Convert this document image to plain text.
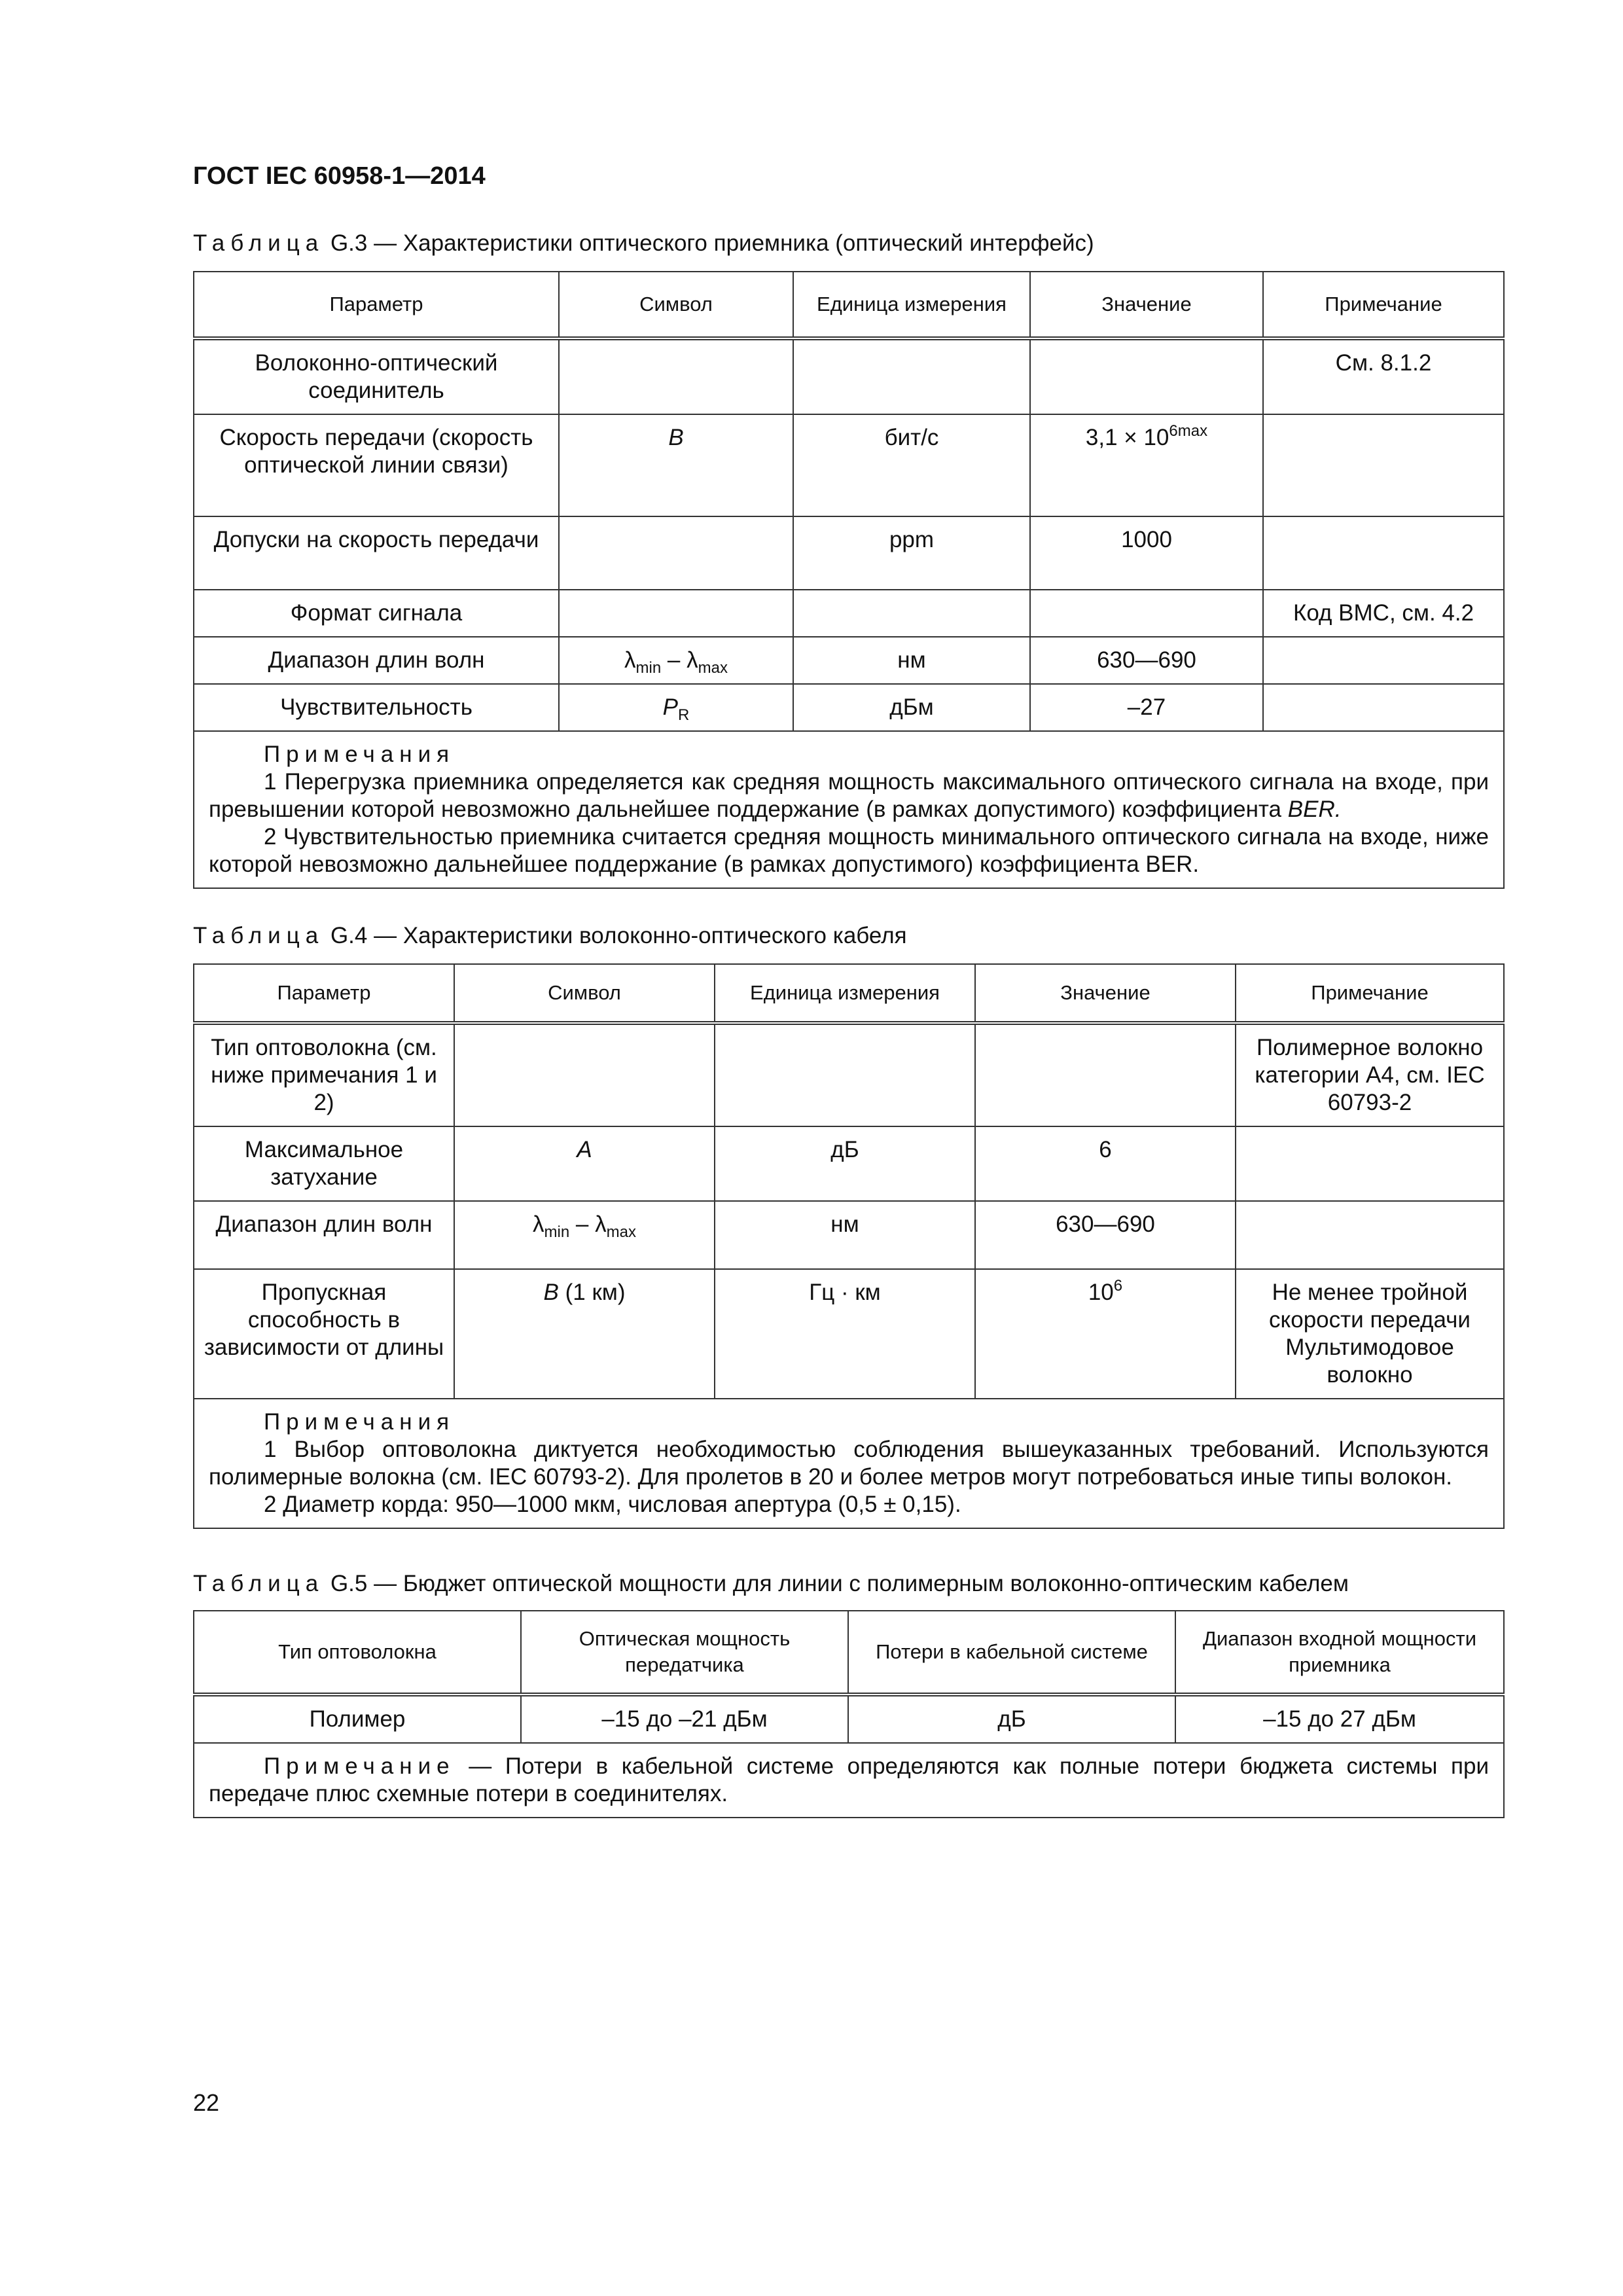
ГОСТ IEC 60958-1—2014
Таблица G.3 — Характеристики оптического приемника (оптический интерфейс)
Параметр	Символ	Единица измерения	Значение	Примечание
Волоконно-оптический соединитель				См. 8.1.2
Скорость передачи (скорость оптической линии связи)	B	бит/с	$3,1 \times 10^{6max}$	
Допуски на скорость передачи		ppm	1000	
Формат сигнала				Код BMC, см. 4.2
Диапазон длин волн	$\lambda_{min} - \lambda_{max}$	нм	630—690	
Чувствительность	$P_R$	дБм	–27	

Примечания
1 Перегрузка приемника определяется как средняя мощность максимального оптического сигнала на входе, при превышении которой невозможно дальнейшее поддержание (в рамках допустимого) коэффициента BER.
2 Чувствительностью приемника считается средняя мощность минимального оптического сигнала на входе, ниже которой невозможно дальнейшее поддержание (в рамках допустимого) коэффициента BER.				
Таблица G.4 — Характеристики волоконно-оптического кабеля
Параметр	Символ	Единица измерения	Значение	Примечание
Тип оптоволокна (см. ниже примечания 1 и 2)				Полимерное волокно категории А4, см. IEC 60793-2
Максимальное затухание	A	дБ	6	
Диапазон длин волн	$\lambda_{min} - \lambda_{max}$	нм	630—690	
Пропускная способность в зависимости от длины	B (1 км)	Гц · км	$10^6$	Не менее тройной скорости передачи Мультимодовое волокно

Примечания
1 Выбор оптоволокна диктуется необходимостью соблюдения вышеуказанных требований. Используются полимерные волокна (см. IEC 60793-2). Для пролетов в 20 и более метров могут потребоваться иные типы волокон.
2 Диаметр корда: 950—1000 мкм, числовая апертура (0,5 ± 0,15).				
Таблица G.5 — Бюджет оптической мощности для линии с полимерным волоконно-оптическим кабелем
Тип оптоволокна	Оптическая мощность передатчика	Потери в кабельной системе	Диапазон входной мощности приемника
Полимер	–15 до –21 дБм	дБ	–15 до 27 дБм

Примечание — Потери в кабельной системе определяются как полные потери бюджета системы при передаче плюс схемные потери в соединителях.			
22
